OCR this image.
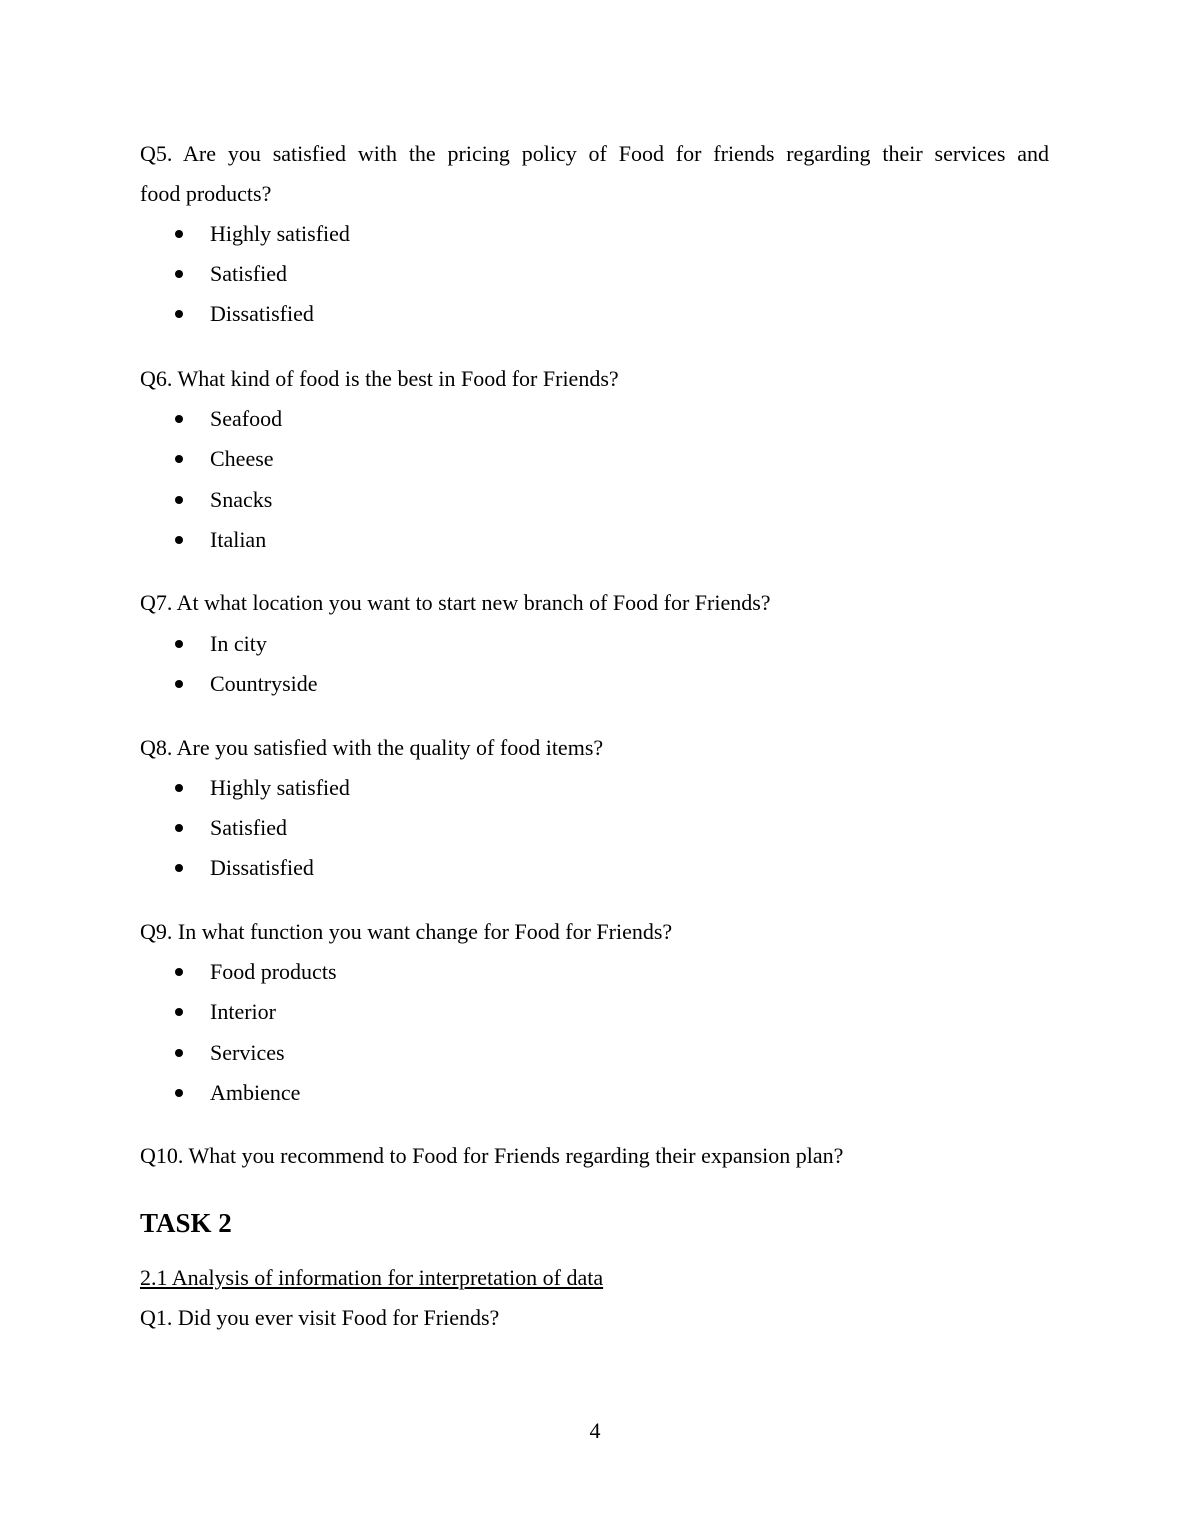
Q5. Are you satisfied with the pricing policy of Food for friends regarding their services and
food products?
Highly satisfied
Satisfied
Dissatisfied
Q6. What kind of food is the best in Food for Friends?
Seafood
Cheese
Snacks
Italian
Q7. At what location you want to start new branch of Food for Friends?
In city
Countryside
Q8. Are you satisfied with the quality of food items?
Highly satisfied
Satisfied
Dissatisfied
Q9. In what function you want change for Food for Friends?
Food products
Interior
Services
Ambience
Q10. What you recommend to Food for Friends regarding their expansion plan?
TASK 2
2.1 Analysis of information for interpretation of data
Q1. Did you ever visit Food for Friends?
4
